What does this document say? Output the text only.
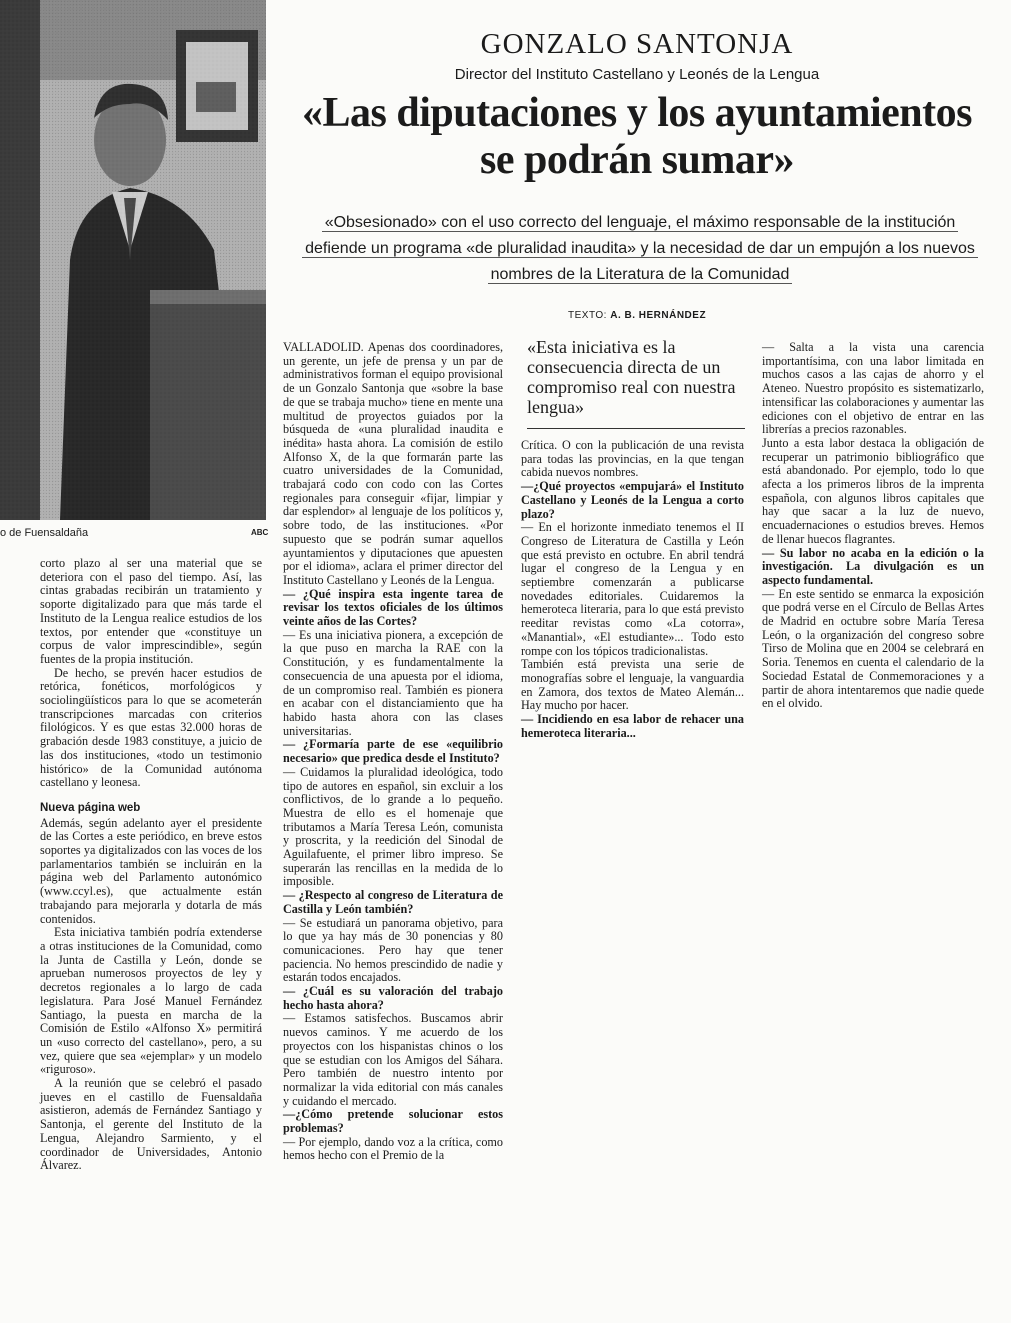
o de Fuensaldaña	ABC
GONZALO SANTONJA
Director del Instituto Castellano y Leonés de la Lengua
«Las diputaciones y los ayuntamientos se podrán sumar»
«Obsesionado» con el uso correcto del lenguaje, el máximo responsable de la institución
defiende un programa «de pluralidad inaudita» y la necesidad de dar un empujón a los nuevos
nombres de la Literatura de la Comunidad
TEXTO: A. B. HERNÁNDEZ
«Esta iniciativa es la consecuencia directa de un compromiso real con nuestra lengua»

corto plazo al ser una material que se deteriora con el paso del tiempo. Así, las cintas grabadas recibirán un tratamiento y soporte digitalizado para que más tarde el Instituto de la Lengua realice estudios de los textos, por entender que «constituye un corpus de valor imprescindible», según fuentes de la propia institución.

De hecho, se prevén hacer estudios de retórica, fonéticos, morfológicos y sociolingüísticos para lo que se acometerán transcripciones marcadas con criterios filológicos. Y es que estas 32.000 horas de grabación desde 1983 constituye, a juicio de las dos instituciones, «todo un testimonio histórico» de la Comunidad autónoma castellano y leonesa.

Nueva página web

Además, según adelanto ayer el presidente de las Cortes a este periódico, en breve estos soportes ya digitalizados con las voces de los parlamentarios también se incluirán en la página web del Parlamento autonómico (www.ccyl.es), que actualmente están trabajando para mejorarla y dotarla de más contenidos.

Esta iniciativa también podría extenderse a otras instituciones de la Comunidad, como la Junta de Castilla y León, donde se aprueban numerosos proyectos de ley y decretos regionales a lo largo de cada legislatura. Para José Manuel Fernández Santiago, la puesta en marcha de la Comisión de Estilo «Alfonso X» permitirá un «uso correcto del castellano», pero, a su vez, quiere que sea «ejemplar» y un modelo «riguroso».

A la reunión que se celebró el pasado jueves en el castillo de Fuensaldaña asistieron, además de Fernández Santiago y Santonja, el gerente del Instituto de la Lengua, Alejandro Sarmiento, y el coordinador de Universidades, Antonio Álvarez.

VALLADOLID. Apenas dos coordinadores, un gerente, un jefe de prensa y un par de administrativos forman el equipo provisional de un Gonzalo Santonja que «sobre la base de que se trabaja mucho» tiene en mente una multitud de proyectos guiados por la búsqueda de «una pluralidad inaudita e inédita» hasta ahora. La comisión de estilo Alfonso X, de la que formarán parte las cuatro universidades de la Comunidad, trabajará codo con codo con las Cortes regionales para conseguir «fijar, limpiar y dar esplendor» al lenguaje de los políticos y, sobre todo, de las instituciones. «Por supuesto que se podrán sumar aquellos ayuntamientos y diputaciones que apuesten por el idioma», aclara el primer director del Instituto Castellano y Leonés de la Lengua.

— ¿Qué inspira esta ingente tarea de revisar los textos oficiales de los últimos veinte años de las Cortes?

— Es una iniciativa pionera, a excepción de la que puso en marcha la RAE con la Constitución, y es fundamentalmente la consecuencia de una apuesta por el idioma, de un compromiso real. También es pionera en acabar con el distanciamiento que ha habido hasta ahora con las clases universitarias.

— ¿Formaría parte de ese «equilibrio necesario» que predica desde el Instituto?

— Cuidamos la pluralidad ideológica, todo tipo de autores en español, sin excluir a los conflictivos, de lo grande a lo pequeño. Muestra de ello es el homenaje que tributamos a María Teresa León, comunista y proscrita, y la reedición del Sinodal de Aguilafuente, el primer libro impreso. Se superarán las rencillas en la medida de lo imposible.

— ¿Respecto al congreso de Literatura de Castilla y León también?

— Se estudiará un panorama objetivo, para lo que ya hay más de 30 ponencias y 80 comunicaciones. Pero hay que tener paciencia. No hemos prescindido de nadie y estarán todos encajados.

— ¿Cuál es su valoración del trabajo hecho hasta ahora?

— Estamos satisfechos. Buscamos abrir nuevos caminos. Y me acuerdo de los proyectos con los hispanistas chinos o los que se estudian con los Amigos del Sáhara. Pero también de nuestro intento por normalizar la vida editorial con más canales y cuidando el mercado.

—¿Cómo pretende solucionar estos problemas?

— Por ejemplo, dando voz a la crítica, como hemos hecho con el Premio de la

Crítica. O con la publicación de una revista para todas las provincias, en la que tengan cabida nuevos nombres.

—¿Qué proyectos «empujará» el Instituto Castellano y Leonés de la Lengua a corto plazo?

— En el horizonte inmediato tenemos el II Congreso de Literatura de Castilla y León que está previsto en octubre. En abril tendrá lugar el congreso de la Lengua y en septiembre comenzarán a publicarse novedades editoriales. Cuidaremos la hemeroteca literaria, para lo que está previsto reeditar revistas como «La cotorra», «Manantial», «El estudiante»... Todo esto rompe con los tópicos tradicionalistas.

También está prevista una serie de monografías sobre el lenguaje, la vanguardia en Zamora, dos textos de Mateo Alemán... Hay mucho por hacer.

— Incidiendo en esa labor de rehacer una hemeroteca literaria...

— Salta a la vista una carencia importantísima, con una labor limitada en muchos casos a las cajas de ahorro y el Ateneo. Nuestro propósito es sistematizarlo, intensificar las colaboraciones y aumentar las ediciones con el objetivo de entrar en las librerías a precios razonables.

Junto a esta labor destaca la obligación de recuperar un patrimonio bibliográfico que está abandonado. Por ejemplo, todo lo que afecta a los primeros libros de la imprenta española, con algunos libros capitales que hay que sacar a la luz de nuevo, encuadernaciones o estudios breves. Hemos de llenar huecos flagrantes.

— Su labor no acaba en la edición o la investigación. La divulgación es un aspecto fundamental.

— En este sentido se enmarca la exposición que podrá verse en el Círculo de Bellas Artes de Madrid en octubre sobre María Teresa León, o la organización del congreso sobre Tirso de Molina que en 2004 se celebrará en Soria. Tenemos en cuenta el calendario de la Sociedad Estatal de Conmemoraciones y a partir de ahora intentaremos que nadie quede en el olvido.
